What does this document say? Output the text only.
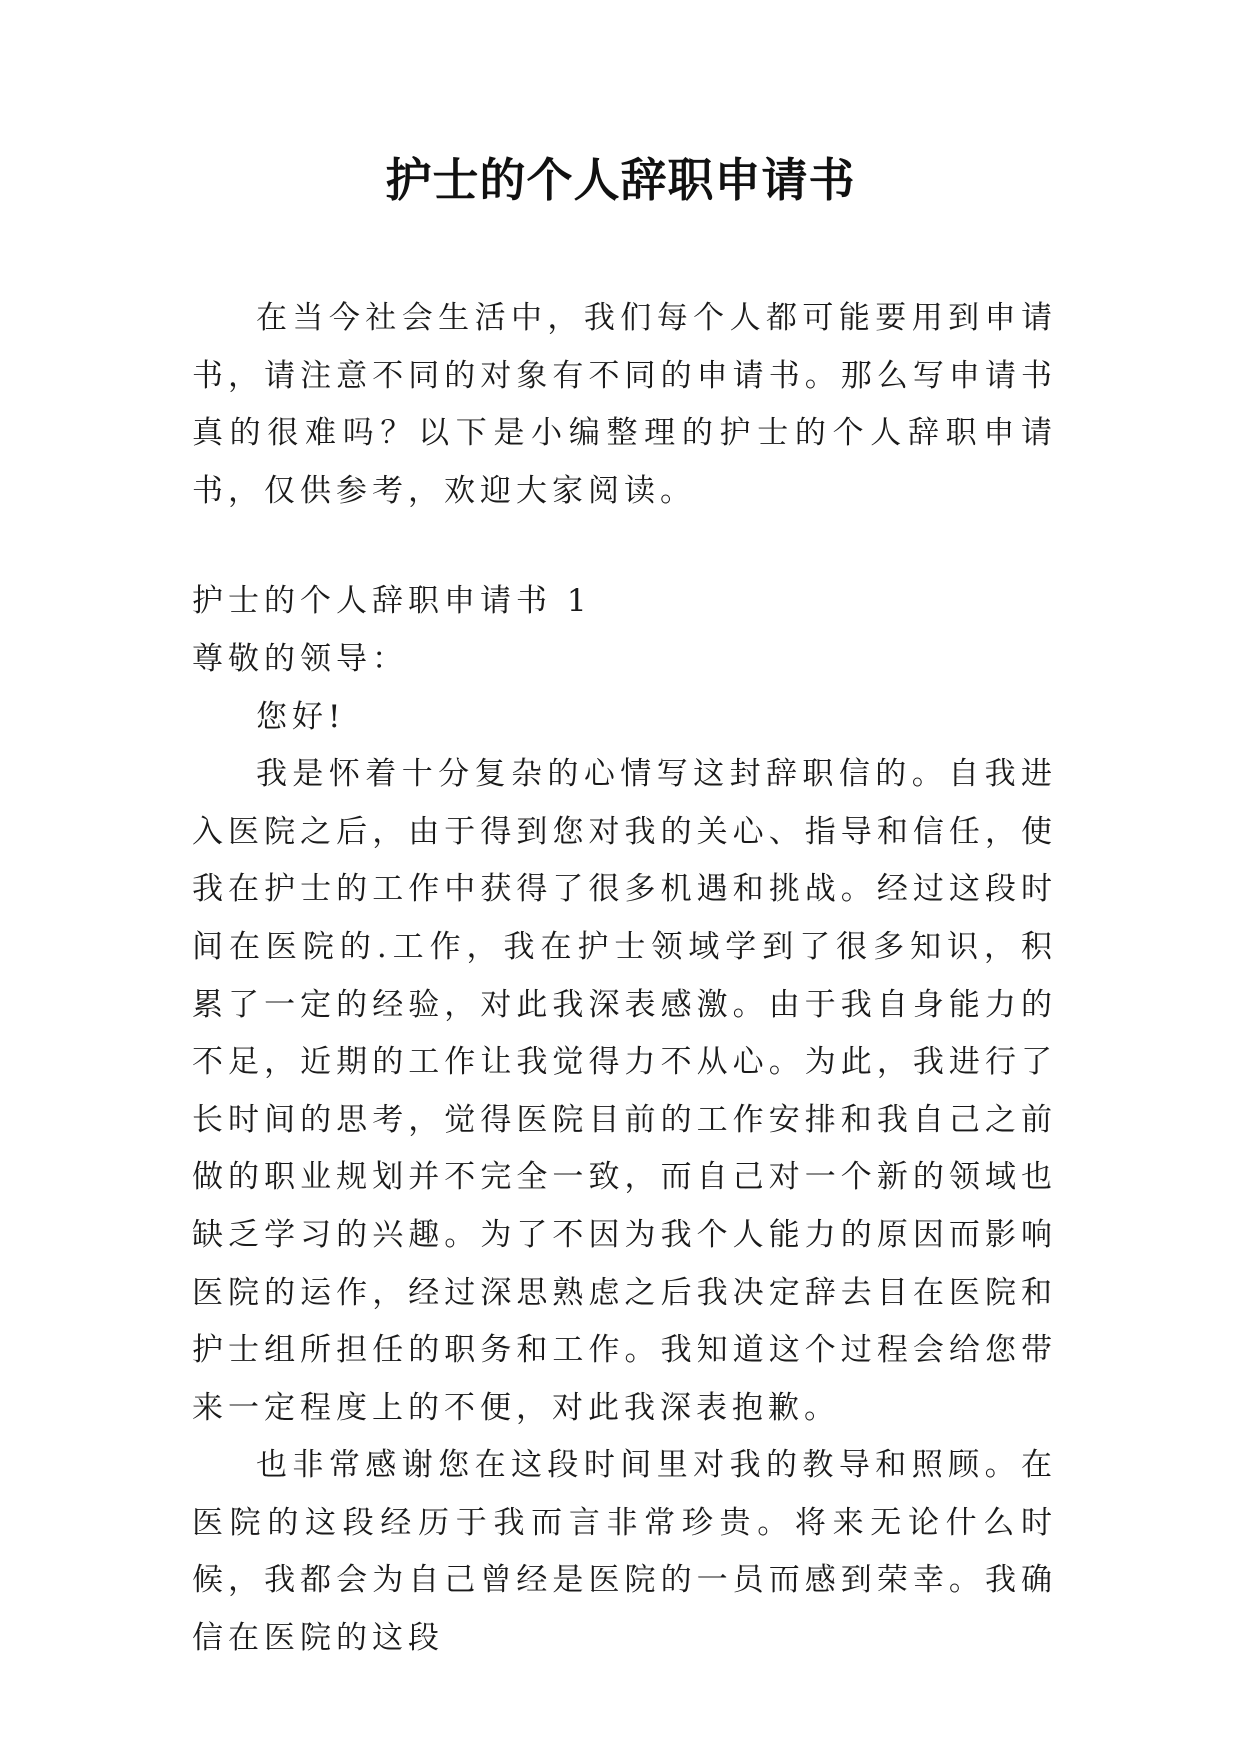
护士的个人辞职申请书

在当今社会生活中，我们每个人都可能要用到申请书，请注意不同的对象有不同的申请书。那么写申请书真的很难吗？以下是小编整理的护士的个人辞职申请书，仅供参考，欢迎大家阅读。

护士的个人辞职申请书 1

尊敬的领导：

您好!

我是怀着十分复杂的心情写这封辞职信的。自我进入医院之后，由于得到您对我的关心、指导和信任，使我在护士的工作中获得了很多机遇和挑战。经过这段时间在医院的.工作，我在护士领域学到了很多知识，积累了一定的经验，对此我深表感激。由于我自身能力的不足，近期的工作让我觉得力不从心。为此，我进行了长时间的思考，觉得医院目前的工作安排和我自己之前做的职业规划并不完全一致，而自己对一个新的领域也缺乏学习的兴趣。为了不因为我个人能力的原因而影响医院的运作，经过深思熟虑之后我决定辞去目在医院和护士组所担任的职务和工作。我知道这个过程会给您带来一定程度上的不便，对此我深表抱歉。

也非常感谢您在这段时间里对我的教导和照顾。在医院的这段经历于我而言非常珍贵。将来无论什么时候，我都会为自己曾经是医院的一员而感到荣幸。我确信在医院的这段
